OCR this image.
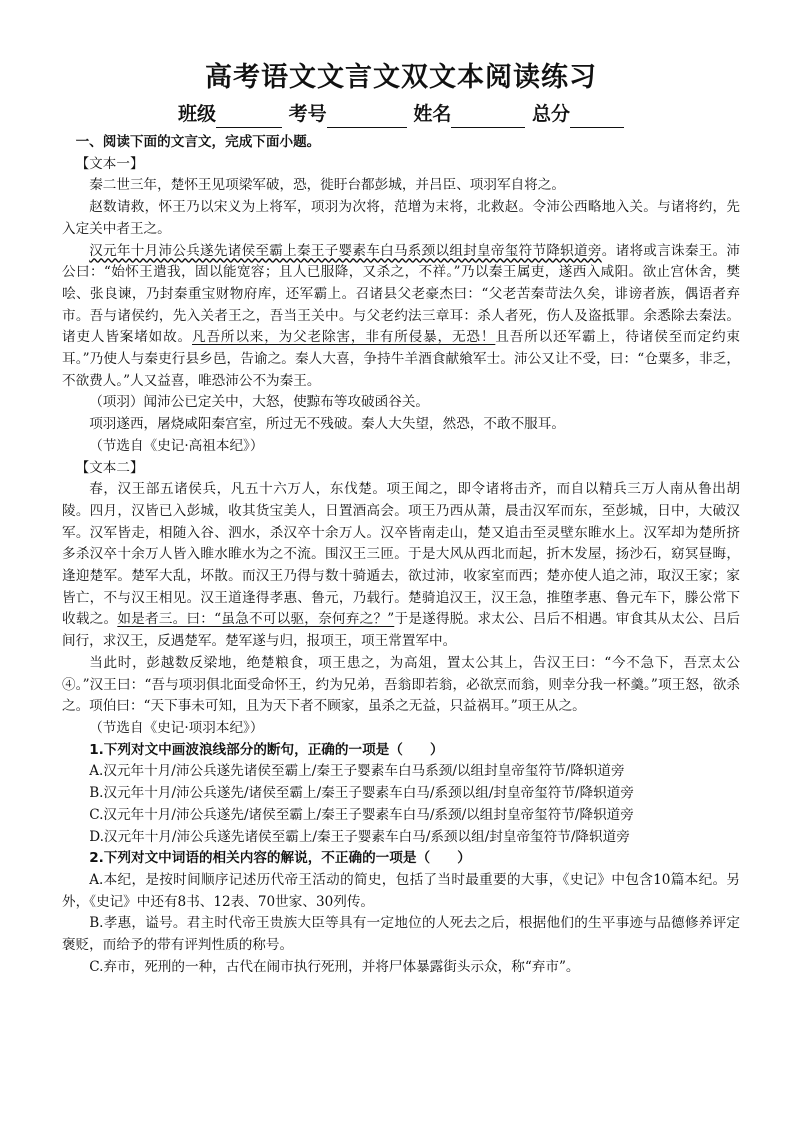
高考语文文言文双文本阅读练习
班级	考号	姓名	总分

一、阅读下面的文言文，完成下面小题。

【文本一】

秦二世三年，楚怀王见项梁军破，恐，徙盱台都彭城，并吕臣、项羽军自将之。

赵数请救，怀王乃以宋义为上将军，项羽为次将，范增为末将，北救赵。令沛公西略地入关。与诸将约，先入定关中者王之。

汉元年十月沛公兵遂先诸侯至霸上秦王子婴素车白马系颈以组封皇帝玺符节降轵道旁。诸将或言诛秦王。沛公曰：“始怀王遣我，固以能宽容；且人已服降，又杀之，不祥。”乃以秦王属吏，遂西入咸阳。欲止宫休舍，樊哙、张良谏，乃封秦重宝财物府库，还军霸上。召诸县父老豪杰曰：“父老苦秦苛法久矣，诽谤者族，偶语者弃市。吾与诸侯约，先入关者王之，吾当王关中。与父老约法三章耳：杀人者死，伤人及盗抵罪。余悉除去秦法。诸吏人皆案堵如故。凡吾所以来，为父老除害，非有所侵暴，无恐！且吾所以还军霸上，待诸侯至而定约束耳。”乃使人与秦吏行县乡邑，告谕之。秦人大喜，争持牛羊酒食献飨军士。沛公又让不受，曰：“仓粟多，非乏，不欲费人。”人又益喜，唯恐沛公不为秦王。

（项羽）闻沛公已定关中，大怒，使黥布等攻破函谷关。

项羽遂西，屠烧咸阳秦宫室，所过无不残破。秦人大失望，然恐，不敢不服耳。

（节选自《史记·高祖本纪》）

【文本二】

春，汉王部五诸侯兵，凡五十六万人，东伐楚。项王闻之，即令诸将击齐，而自以精兵三万人南从鲁出胡陵。四月，汉皆已入彭城，收其货宝美人，日置酒高会。项王乃西从萧，晨击汉军而东，至彭城，日中，大破汉军。汉军皆走，相随入谷、泗水，杀汉卒十余万人。汉卒皆南走山，楚又追击至灵壁东睢水上。汉军却为楚所挤多杀汉卒十余万人皆入睢水睢水为之不流。围汉王三匝。于是大风从西北而起，折木发屋，扬沙石，窈冥昼晦，逢迎楚军。楚军大乱，坏散。而汉王乃得与数十骑遁去，欲过沛，收家室而西；楚亦使人追之沛，取汉王家；家皆亡，不与汉王相见。汉王道逢得孝惠、鲁元，乃载行。楚骑追汉王，汉王急，推堕孝惠、鲁元车下，滕公常下收载之。如是者三。曰：“虽急不可以驱，奈何弃之？”于是遂得脱。求太公、吕后不相遇。审食其从太公、吕后间行，求汉王，反遇楚军。楚军遂与归，报项王，项王常置军中。

当此时，彭越数反梁地，绝楚粮食，项王患之，为高俎，置太公其上，告汉王曰：“今不急下，吾烹太公④。”汉王曰：“吾与项羽俱北面受命怀王，约为兄弟，吾翁即若翁，必欲烹而翁，则幸分我一杯羹。”项王怒，欲杀之。项伯曰：“天下事未可知，且为天下者不顾家，虽杀之无益，只益祸耳。”项王从之。

（节选自《史记·项羽本纪》）

1.下列对文中画波浪线部分的断句，正确的一项是（　　）

A.汉元年十月/沛公兵遂先诸侯至霸上/秦王子婴素车白马系颈/以组封皇帝玺符节/降轵道旁

B.汉元年十月/沛公兵遂先/诸侯至霸上/秦王子婴素车白马/系颈以组/封皇帝玺符节/降轵道旁

C.汉元年十月/沛公兵遂先/诸侯至霸上/秦王子婴素车白马/系颈/以组封皇帝玺符节/降轵道旁

D.汉元年十月/沛公兵遂先诸侯至霸上/秦王子婴素车白马/系颈以组/封皇帝玺符节/降轵道旁

2.下列对文中词语的相关内容的解说，不正确的一项是（　　）

A.本纪，是按时间顺序记述历代帝王活动的简史，包括了当时最重要的大事，《史记》中包含10篇本纪。另外，《史记》中还有8书、12表、70世家、30列传。

B.孝惠，谥号。君主时代帝王贵族大臣等具有一定地位的人死去之后，根据他们的生平事迹与品德修养评定褒贬，而给予的带有评判性质的称号。

C.弃市，死刑的一种，古代在闹市执行死刑，并将尸体暴露街头示众，称“弃市”。
